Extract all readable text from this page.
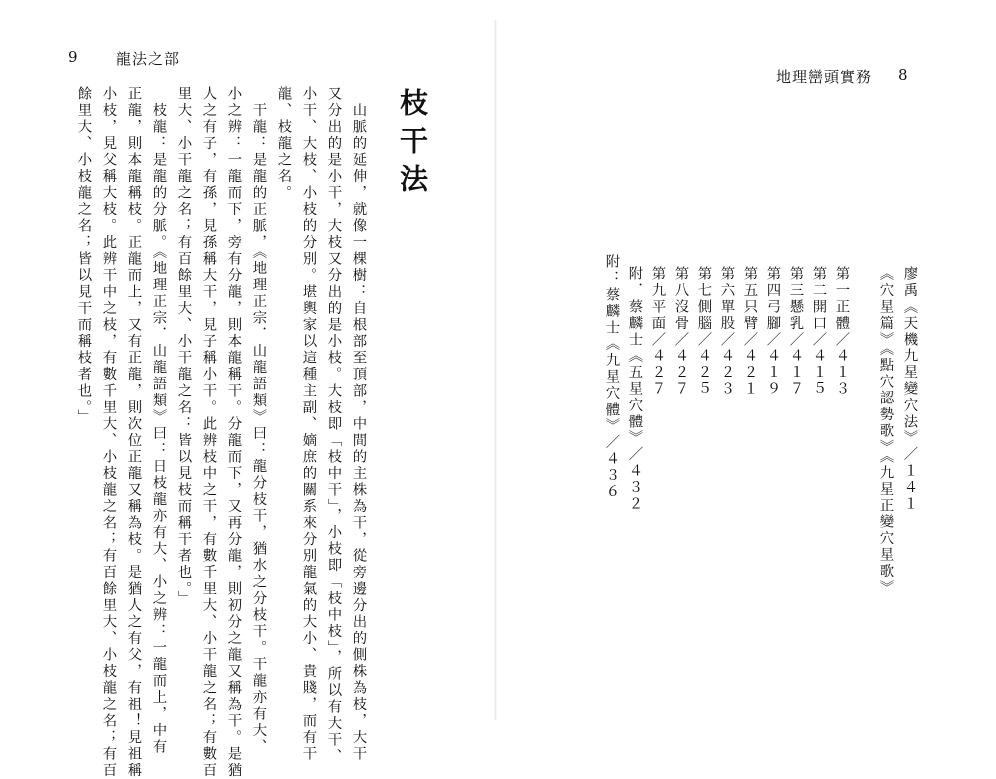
9	龍法之部
枝干法
　山脈的延伸，就像一棵樹：自根部至頂部，中間的主株為干，從旁邊分出的側株為枝，大干
又分出的是小干，大枝又分出的是小枝。大枝即「枝中干」，小枝即「枝中枝」，所以有大干、
小干、大枝、小枝的分別。堪輿家以這種主副、嫡庶的關系來分別龍氣的大小、貴賤，而有干
龍、枝龍之名。
　干龍：是龍的正脈，《地理正宗．山龍語類》曰：龍分枝干，猶水之分枝干。干龍亦有大、
小之辨：一龍而下，旁有分龍，則本龍稱干。分龍而下，又再分龍，則初分之龍又稱為干。是猶
人之有子，有孫，見孫稱大干，見子稱小干。此辨枝中之干，有數千里大、小干龍之名；有數百
里大、小干龍之名；有百餘里大、小干龍之名：皆以見枝而稱干者也。」
　枝龍：是龍的分脈。《地理正宗．山龍語類》曰：日枝龍亦有大、小之辨：一龍而上，中有
正龍，則本龍稱枝。正龍而上，又有正龍，則次位正龍又稱為枝。是猶人之有父，有祖！見祖稱
小枝，見父稱大枝。此辨干中之枝，有數千里大、小枝龍之名；有百餘里大、小枝龍之名；有百
餘里大、小枝龍之名；皆以見干而稱枝者也。」
地理巒頭實務 8
廖禹《天機九星變穴法》／１４１
《穴星篇》《點穴認勢歌》《九星正變穴星歌》
第一正體／４１３
第二開口／４１５
第三懸乳／４１７
第四弓腳／４１９
第五只臂／４２１
第六單股／４２３
第七側腦／４２５
第八沒骨／４２７
第九平面／４２７
附．蔡麟士《五星穴體》／４３２
附：蔡麟士《九星穴體》／４３６
